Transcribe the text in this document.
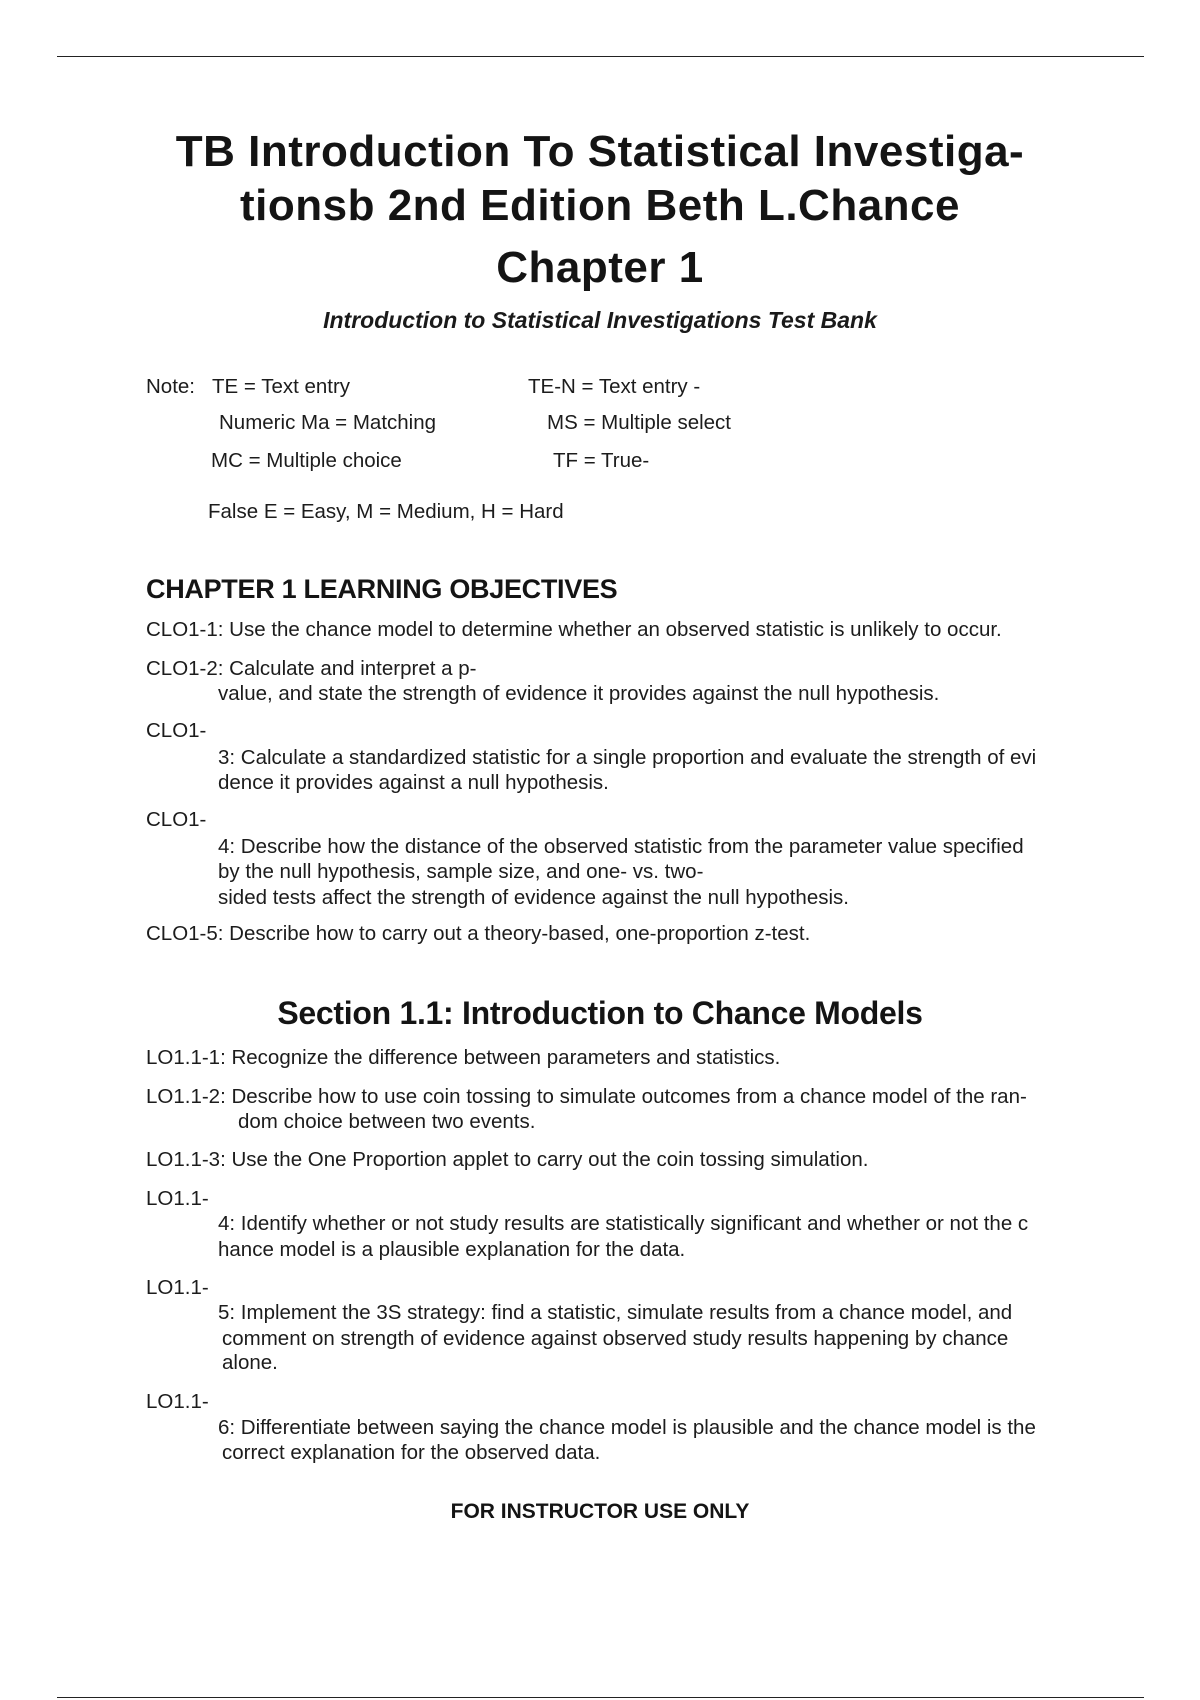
TB Introduction To Statistical Investiga-
tionsb 2nd Edition Beth L.Chance
Chapter 1
Introduction to Statistical Investigations Test Bank
Note: TE = Text entry	TE-N = Text entry -
Numeric Ma = Matching	MS = Multiple select
MC = Multiple choice	TF = True-
False E = Easy, M = Medium, H = Hard
CHAPTER 1 LEARNING OBJECTIVES
CLO1-1: Use the chance model to determine whether an observed statistic is unlikely to occur.
CLO1-2: Calculate and interpret a p-
value, and state the strength of evidence it provides against the null hypothesis.
CLO1-
3: Calculate a standardized statistic for a single proportion and evaluate the strength of evi
dence it provides against a null hypothesis.
CLO1-
4: Describe how the distance of the observed statistic from the parameter value specified
by the null hypothesis, sample size, and one- vs. two-
sided tests affect the strength of evidence against the null hypothesis.
CLO1-5: Describe how to carry out a theory-based, one-proportion z-test.
Section 1.1: Introduction to Chance Models
LO1.1-1: Recognize the difference between parameters and statistics.
LO1.1-2: Describe how to use coin tossing to simulate outcomes from a chance model of the ran-
dom choice between two events.
LO1.1-3: Use the One Proportion applet to carry out the coin tossing simulation.
LO1.1-
4: Identify whether or not study results are statistically significant and whether or not the c
hance model is a plausible explanation for the data.
LO1.1-
5: Implement the 3S strategy: find a statistic, simulate results from a chance model, and
comment on strength of evidence against observed study results happening by chance
alone.
LO1.1-
6: Differentiate between saying the chance model is plausible and the chance model is the
correct explanation for the observed data.
FOR INSTRUCTOR USE ONLY
